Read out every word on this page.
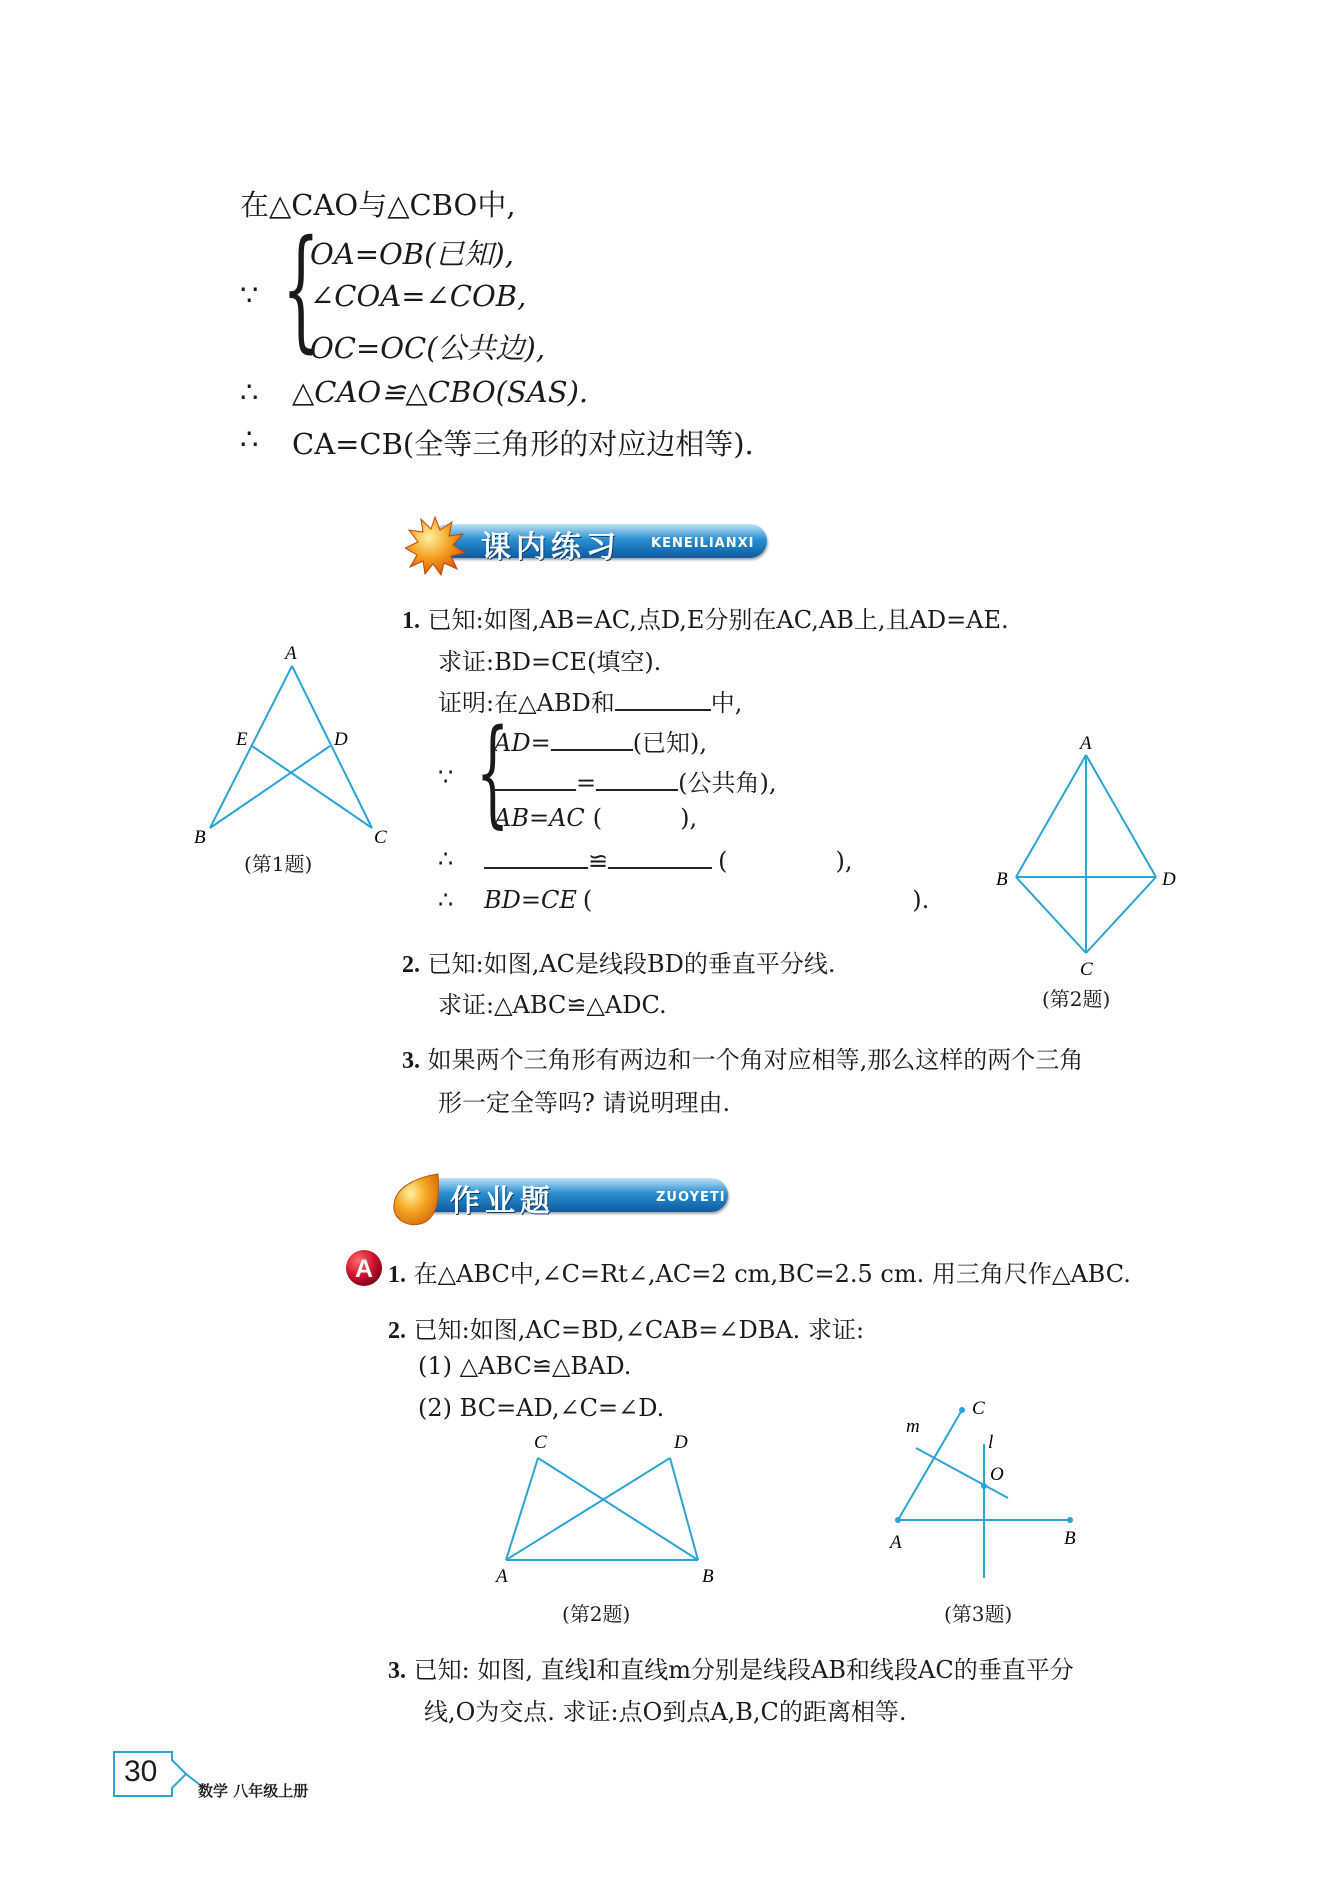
在△CAO与△CBO中,
∵ {
OA=OB(已知),
∠COA=∠COB,
OC=OC(公共边),
∴ △CAO≌△CBO(SAS).
∴ CA=CB(全等三角形的对应边相等).
课内练习 KENEILIANXI
1. 已知:如图,AB=AC,点D,E分别在AC,AB上,且AD=AE.
求证:BD=CE(填空).
证明:在△ABD和	中,
∵ {
AD=	(已知),
=	(公共角),
AB=AC (	),
∴	≌	(	),
∴ BD=CE (	).
A
E	D
B	C
(第1题)
A
B	D
C
(第2题)
2. 已知:如图,AC是线段BD的垂直平分线.
求证:△ABC≌△ADC.
3. 如果两个三角形有两边和一个角对应相等,那么这样的两个三角
形一定全等吗? 请说明理由.
作业题	ZUOYETI
A 1. 在△ABC中,∠C=Rt∠,AC=2 cm,BC=2.5 cm. 用三角尺作△ABC.
2. 已知:如图,AC=BD,∠CAB=∠DBA. 求证:
(1) △ABC≌△BAD.
(2) BC=AD,∠C=∠D.
C	D
A	B
(第2题)
C
m
l
O
A	B
(第3题)
3. 已知: 如图, 直线l和直线m分别是线段AB和线段AC的垂直平分
线,O为交点. 求证:点O到点A,B,C的距离相等.
30
数学 八年级上册
